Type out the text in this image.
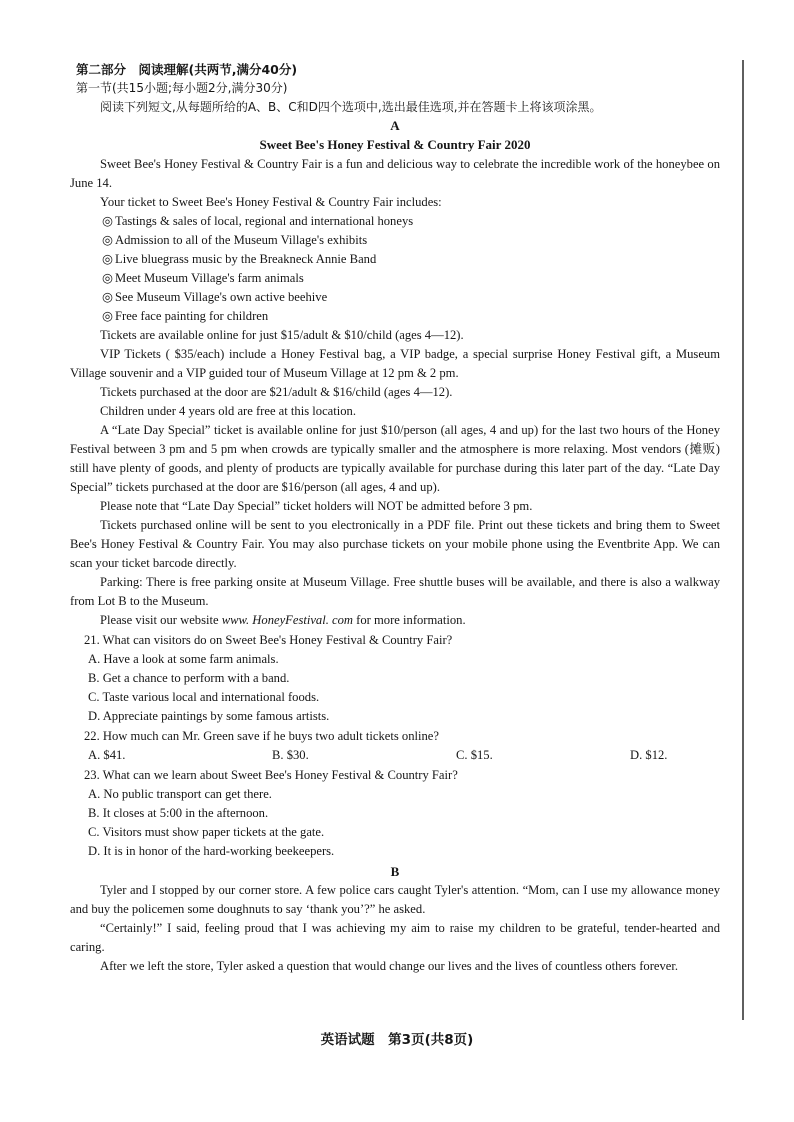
第二部分　阅读理解(共两节,满分40分)

第一节(共15小题;每小题2分,满分30分)

阅读下列短文,从每题所给的A、B、C和D四个选项中,选出最佳选项,并在答题卡上将该项涂黑。

A
Sweet Bee's Honey Festival & Country Fair 2020

Sweet Bee's Honey Festival & Country Fair is a fun and delicious way to celebrate the incredible work of the honeybee on June 14.

Your ticket to Sweet Bee's Honey Festival & Country Fair includes:

◎ Tastings & sales of local, regional and international honeys

◎ Admission to all of the Museum Village's exhibits

◎ Live bluegrass music by the Breakneck Annie Band

◎ Meet Museum Village's farm animals

◎ See Museum Village's own active beehive

◎ Free face painting for children

Tickets are available online for just $15/adult & $10/child (ages 4—12).

VIP Tickets ( $35/each) include a Honey Festival bag, a VIP badge, a special surprise Honey Festival gift, a Museum Village souvenir and a VIP guided tour of Museum Village at 12 pm & 2 pm.

Tickets purchased at the door are $21/adult & $16/child (ages 4—12).

Children under 4 years old are free at this location.

A “Late Day Special” ticket is available online for just $10/person (all ages, 4 and up) for the last two hours of the Honey Festival between 3 pm and 5 pm when crowds are typically smaller and the atmosphere is more relaxing. Most vendors (摊贩) still have plenty of goods, and plenty of products are typically available for purchase during this later part of the day. “Late Day Special” tickets purchased at the door are $16/person (all ages, 4 and up).

Please note that “Late Day Special” ticket holders will NOT be admitted before 3 pm.

Tickets purchased online will be sent to you electronically in a PDF file. Print out these tickets and bring them to Sweet Bee's Honey Festival & Country Fair. You may also purchase tickets on your mobile phone using the Eventbrite App. We can scan your ticket barcode directly.

Parking: There is free parking onsite at Museum Village. Free shuttle buses will be available, and there is also a walkway from Lot B to the Museum.

Please visit our website www. HoneyFestival. com for more information.

21. What can visitors do on Sweet Bee's Honey Festival & Country Fair?

A. Have a look at some farm animals.

B. Get a chance to perform with a band.

C. Taste various local and international foods.

D. Appreciate paintings by some famous artists.

22. How much can Mr. Green save if he buys two adult tickets online?

A. $41.	B. $30.	C. $15.	D. $12.

23. What can we learn about Sweet Bee's Honey Festival & Country Fair?

A. No public transport can get there.

B. It closes at 5:00 in the afternoon.

C. Visitors must show paper tickets at the gate.

D. It is in honor of the hard-working beekeepers.

B

Tyler and I stopped by our corner store. A few police cars caught Tyler's attention. “Mom, can I use my allowance money and buy the policemen some doughnuts to say ‘thank you’?” he asked.

“Certainly!” I said, feeling proud that I was achieving my aim to raise my children to be grateful, tender-hearted and caring.

After we left the store, Tyler asked a question that would change our lives and the lives of countless others forever.

英语试题　第3页(共8页)
